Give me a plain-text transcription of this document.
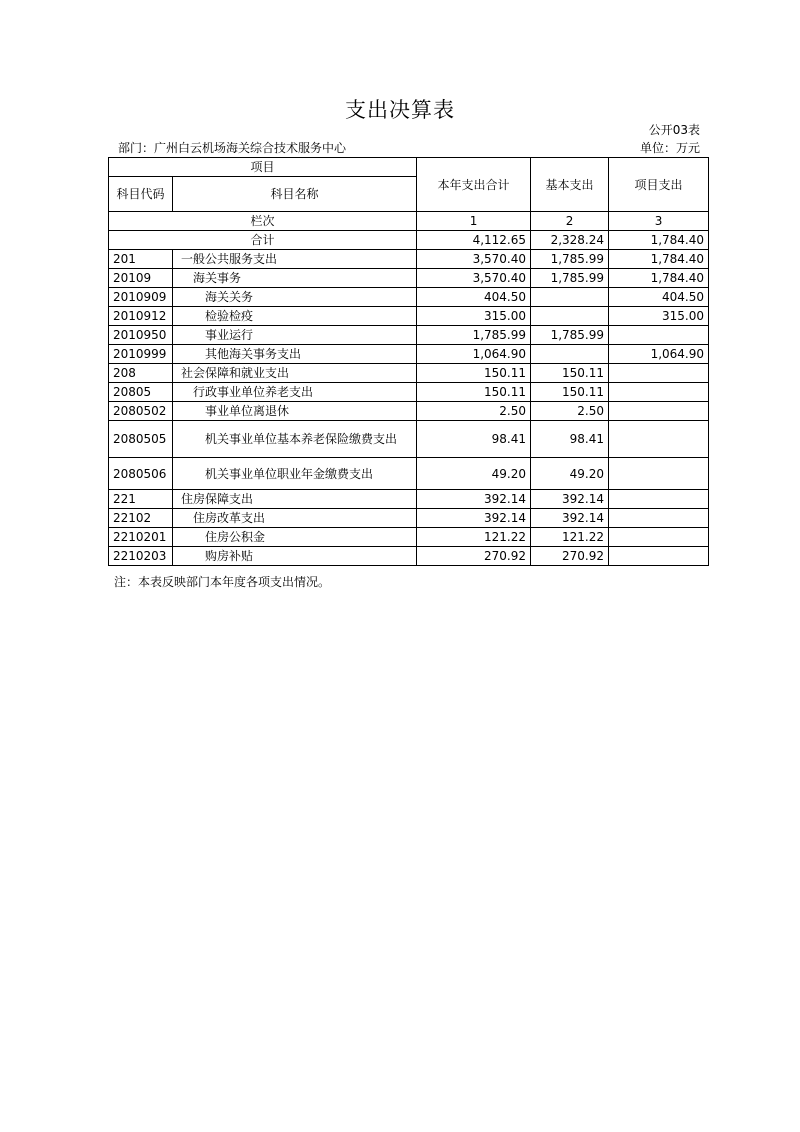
支出决算表
公开03表
部门：广州白云机场海关综合技术服务中心	单位：万元
项目		本年支出合计	基本支出	项目支出
科目代码	科目名称			
栏次		1	2	3
合计		4,112.65	2,328.24	1,784.40
201	一般公共服务支出	3,570.40	1,785.99	1,784.40
20109	海关事务	3,570.40	1,785.99	1,784.40
2010909	海关关务	404.50		404.50
2010912	检验检疫	315.00		315.00
2010950	事业运行	1,785.99	1,785.99	
2010999	其他海关事务支出	1,064.90		1,064.90
208	社会保障和就业支出	150.11	150.11	
20805	行政事业单位养老支出	150.11	150.11	
2080502	事业单位离退休	2.50	2.50	
2080505	机关事业单位基本养老保险缴费支出	98.41	98.41	
2080506	机关事业单位职业年金缴费支出	49.20	49.20	
221	住房保障支出	392.14	392.14	
22102	住房改革支出	392.14	392.14	
2210201	住房公积金	121.22	121.22	
2210203	购房补贴	270.92	270.92	
注：本表反映部门本年度各项支出情况。
